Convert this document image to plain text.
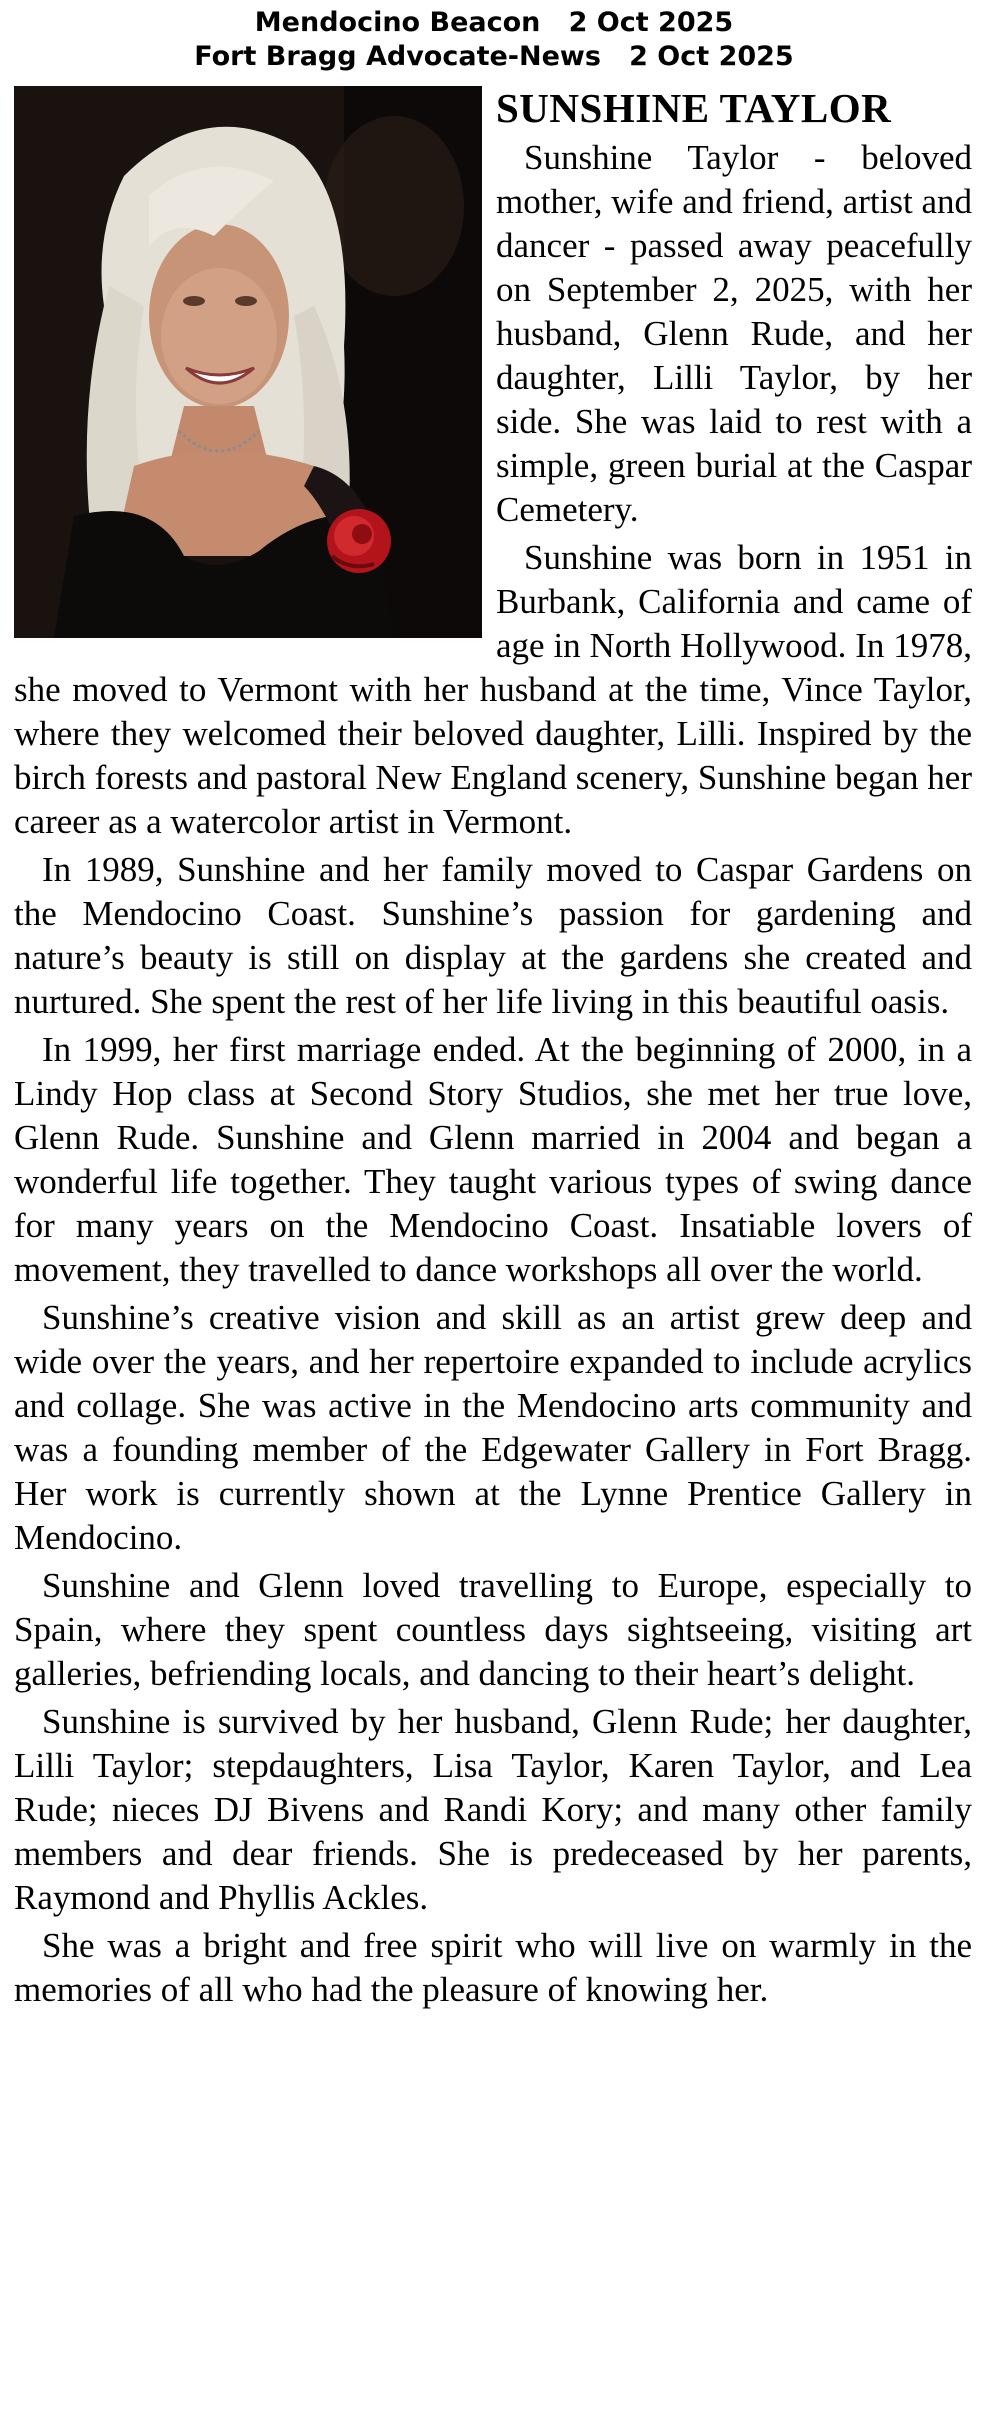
Mendocino Beacon   2 Oct 2025
Fort Bragg Advocate-News   2 Oct 2025
SUNSHINE TAYLOR

Sunshine Taylor - beloved mother, wife and friend, artist and dancer - passed away peacefully on September 2, 2025, with her husband, Glenn Rude, and her daughter, Lilli Taylor, by her side. She was laid to rest with a simple, green burial at the Caspar Cemetery.

Sunshine was born in 1951 in Burbank, California and came of age in North Hollywood. In 1978, she moved to Vermont with her husband at the time, Vince Taylor, where they welcomed their beloved daughter, Lilli. Inspired by the birch forests and pastoral New England scenery, Sunshine began her career as a watercolor artist in Vermont.

In 1989, Sunshine and her family moved to Caspar Gardens on the Mendocino Coast. Sunshine’s passion for gardening and nature’s beauty is still on display at the gardens she created and nurtured. She spent the rest of her life living in this beautiful oasis.

In 1999, her first marriage ended. At the beginning of 2000, in a Lindy Hop class at Second Story Studios, she met her true love, Glenn Rude. Sunshine and Glenn married in 2004 and began a wonderful life together. They taught various types of swing dance for many years on the Mendocino Coast. Insatiable lovers of movement, they travelled to dance workshops all over the world.

Sunshine’s creative vision and skill as an artist grew deep and wide over the years, and her repertoire expanded to include acrylics and collage. She was active in the Mendocino arts community and was a founding member of the Edgewater Gallery in Fort Bragg. Her work is currently shown at the Lynne Prentice Gallery in Mendocino.

Sunshine and Glenn loved travelling to Europe, especially to Spain, where they spent countless days sightseeing, visiting art galleries, befriending locals, and dancing to their heart’s delight.

Sunshine is survived by her husband, Glenn Rude; her daughter, Lilli Taylor; stepdaughters, Lisa Taylor, Karen Taylor, and Lea Rude; nieces DJ Bivens and Randi Kory; and many other family members and dear friends. She is predeceased by her parents, Raymond and Phyllis Ackles.

She was a bright and free spirit who will live on warmly in the memories of all who had the pleasure of knowing her.
